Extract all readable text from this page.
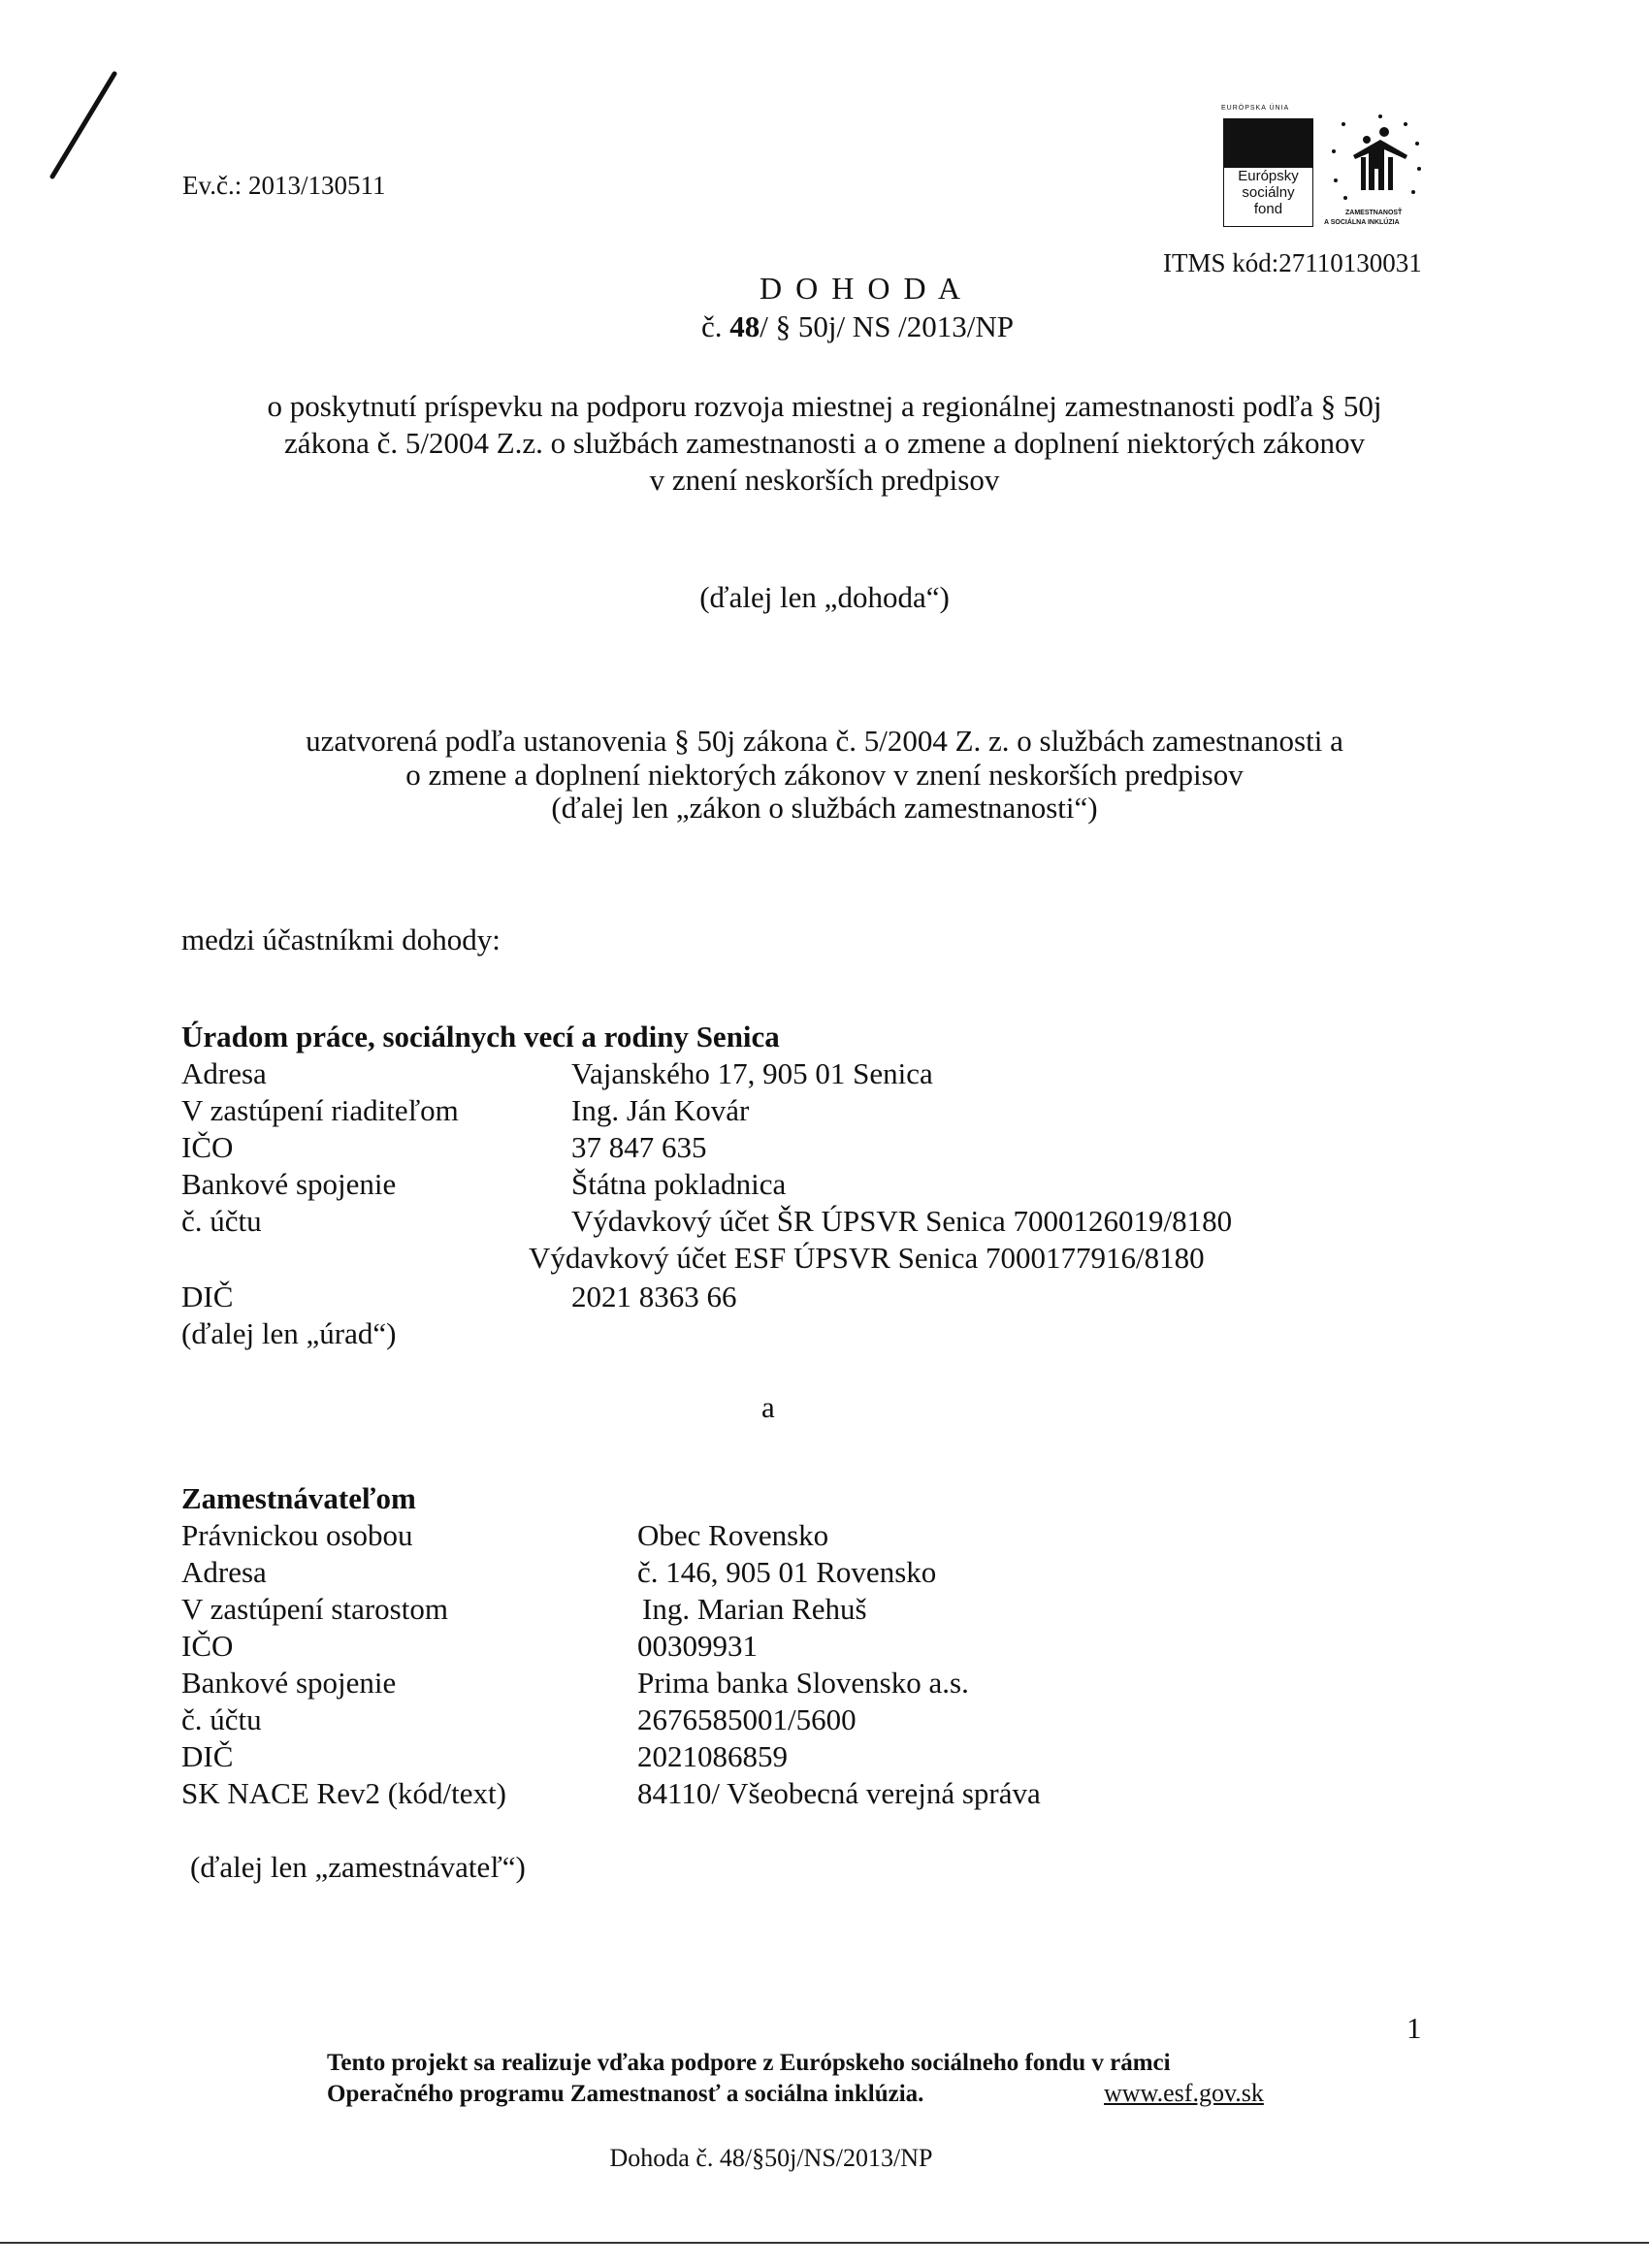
Ev.č.: 2013/130511
EURÓPSKA ÚNIA
Európsky
sociálny
fond	ZAMESTNANOSŤ
A SOCIÁLNA INKLÚZIA
ITMS kód:27110130031
D O H O D A
č. 48/ § 50j/ NS /2013/NP
o poskytnutí príspevku na podporu rozvoja miestnej a regionálnej zamestnanosti podľa § 50j
zákona č. 5/2004 Z.z. o službách zamestnanosti a o zmene a doplnení niektorých zákonov
v znení neskorších predpisov
(ďalej len „dohoda“)
uzatvorená podľa ustanovenia § 50j zákona č. 5/2004 Z. z. o službách zamestnanosti a
o zmene a doplnení niektorých zákonov v znení neskorších predpisov
(ďalej len „zákon o službách zamestnanosti“)
medzi účastníkmi dohody:
Úradom práce, sociálnych vecí a rodiny Senica
Adresa	Vajanského 17, 905 01 Senica
V zastúpení riaditeľom	Ing. Ján Kovár
IČO	37 847 635
Bankové spojenie	Štátna pokladnica
č. účtu	Výdavkový účet ŠR ÚPSVR Senica 7000126019/8180
Výdavkový účet ESF ÚPSVR Senica 7000177916/8180
DIČ	2021 8363 66
(ďalej len „úrad“)
a
Zamestnávateľom
Právnickou osobou	Obec Rovensko
Adresa	č. 146, 905 01 Rovensko
V zastúpení starostom	Ing. Marian Rehuš
IČO	00309931
Bankové spojenie	Prima banka Slovensko a.s.
č. účtu	2676585001/5600
DIČ	2021086859
SK NACE Rev2 (kód/text)	84110/ Všeobecná verejná správa
(ďalej len „zamestnávateľ“)
1
Tento projekt sa realizuje vďaka podpore z Európskeho sociálneho fondu v rámci
Operačného programu Zamestnanosť a sociálna inklúzia.	www.esf.gov.sk
Dohoda č. 48/§50j/NS/2013/NP
